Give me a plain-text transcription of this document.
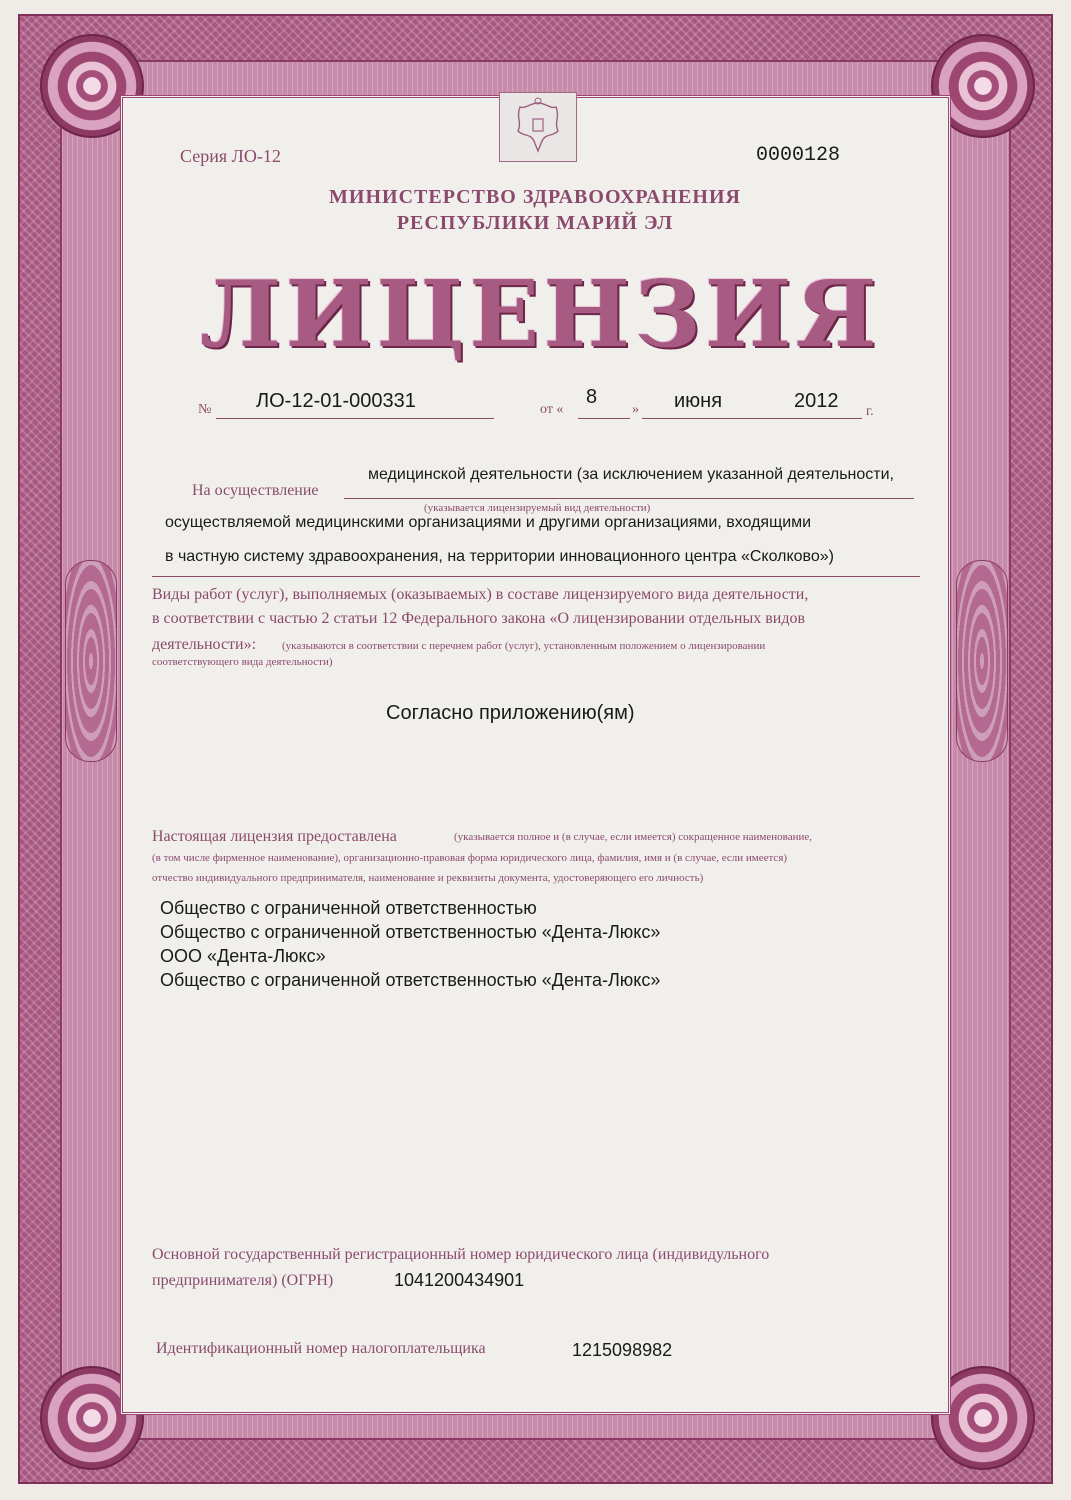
Серия ЛО-12	0000128
МИНИСТЕРСТВО ЗДРАВООХРАНЕНИЯ
РЕСПУБЛИКИ МАРИЙ ЭЛ
ЛИЦЕНЗИЯ
№ ЛО-12-01-000331	от «
8
» июня	2012 г.
На осуществление
медицинской деятельности (за исключением указанной деятельности,
(указывается лицензируемый вид деятельности)
осуществляемой медицинскими организациями и другими организациями, входящими
в частную систему здравоохранения, на территории инновационного центра «Сколково»)
Виды работ (услуг), выполняемых (оказываемых) в составе лицензируемого вида деятельности,
в соответствии с частью 2 статьи 12 Федерального закона «О лицензировании отдельных видов
деятельности»: (указываются в соответствии с перечнем работ (услуг), установленным положением о лицензировании
соответствующего вида деятельности)
Согласно приложению(ям)
Настоящая лицензия предоставлена	(указывается полное и (в случае, если имеется) сокращенное наименование,
(в том числе фирменное наименование), организационно-правовая форма юридического лица, фамилия, имя и (в случае, если имеется)
отчество индивидуального предпринимателя, наименование и реквизиты документа, удостоверяющего его личность)
Общество с ограниченной ответственностью
Общество с ограниченной ответственностью «Дента-Люкс»
ООО «Дента-Люкс»
Общество с ограниченной ответственностью «Дента-Люкс»
Основной государственный регистрационный номер юридического лица (индивидульного
предпринимателя) (ОГРН)	1041200434901
Идентификационный номер налогоплательщика	1215098982
